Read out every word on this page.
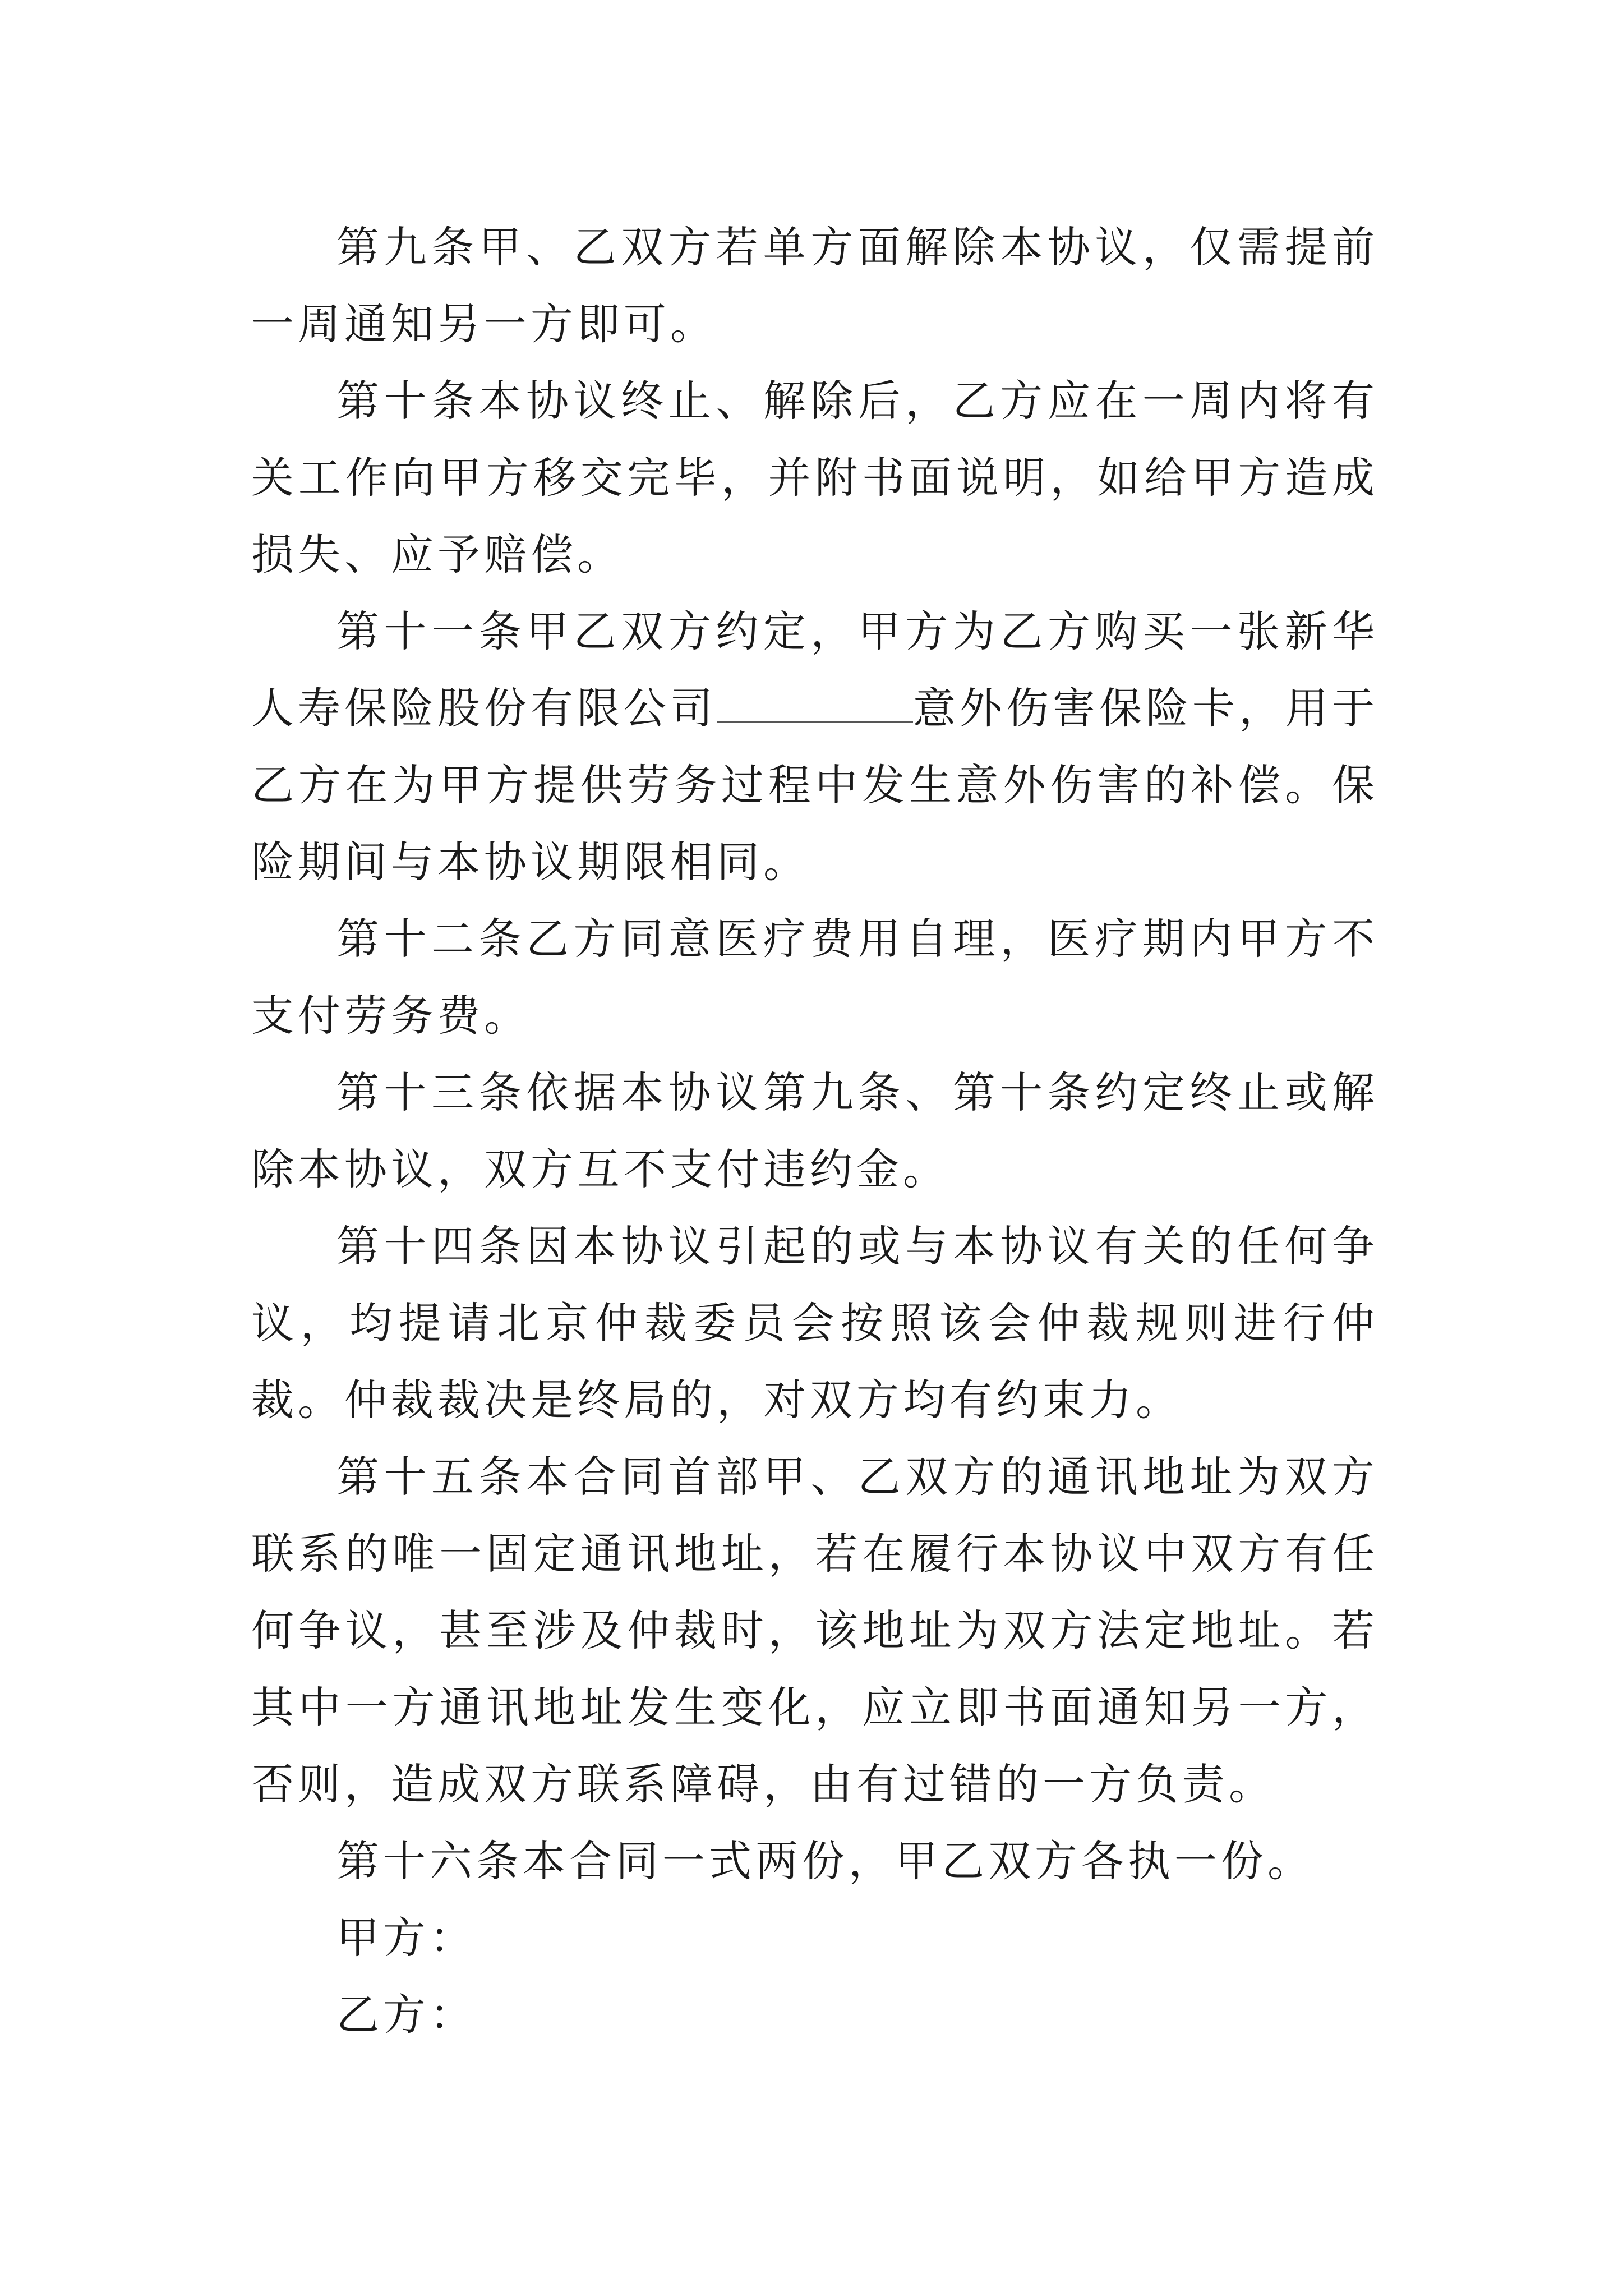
第九条甲、乙双方若单方面解除本协议，仅需提前一周通知另一方即可。

第十条本协议终止、解除后，乙方应在一周内将有关工作向甲方移交完毕，并附书面说明，如给甲方造成损失、应予赔偿。

第十一条甲乙双方约定，甲方为乙方购买一张新华人寿保险股份有限公司	意外伤害保险卡，用于乙方在为甲方提供劳务过程中发生意外伤害的补偿。保险期间与本协议期限相同。

第十二条乙方同意医疗费用自理，医疗期内甲方不支付劳务费。

第十三条依据本协议第九条、第十条约定终止或解除本协议，双方互不支付违约金。

第十四条因本协议引起的或与本协议有关的任何争议，均提请北京仲裁委员会按照该会仲裁规则进行仲裁。仲裁裁决是终局的，对双方均有约束力。

第十五条本合同首部甲、乙双方的通讯地址为双方联系的唯一固定通讯地址，若在履行本协议中双方有任何争议，甚至涉及仲裁时，该地址为双方法定地址。若其中一方通讯地址发生变化，应立即书面通知另一方，否则，造成双方联系障碍，由有过错的一方负责。

第十六条本合同一式两份，甲乙双方各执一份。

甲方：

乙方：
